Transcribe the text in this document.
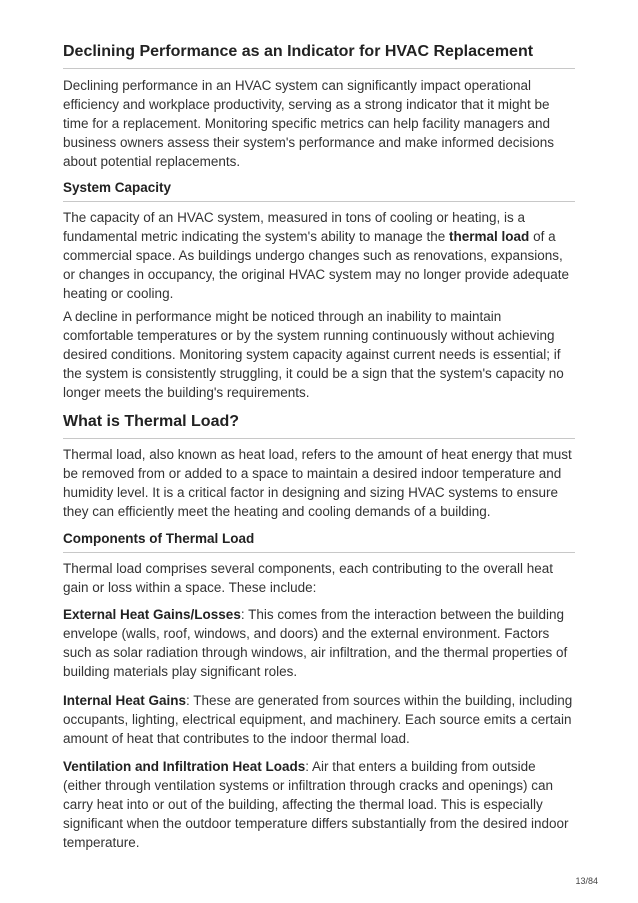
Declining Performance as an Indicator for HVAC Replacement

Declining performance in an HVAC system can significantly impact operational efficiency and workplace productivity, serving as a strong indicator that it might be time for a replacement. Monitoring specific metrics can help facility managers and business owners assess their system's performance and make informed decisions about potential replacements.

System Capacity

The capacity of an HVAC system, measured in tons of cooling or heating, is a fundamental metric indicating the system's ability to manage the thermal load of a commercial space. As buildings undergo changes such as renovations, expansions, or changes in occupancy, the original HVAC system may no longer provide adequate heating or cooling.

A decline in performance might be noticed through an inability to maintain comfortable temperatures or by the system running continuously without achieving desired conditions. Monitoring system capacity against current needs is essential; if the system is consistently struggling, it could be a sign that the system's capacity no longer meets the building's requirements.

What is Thermal Load?

Thermal load, also known as heat load, refers to the amount of heat energy that must be removed from or added to a space to maintain a desired indoor temperature and humidity level. It is a critical factor in designing and sizing HVAC systems to ensure they can efficiently meet the heating and cooling demands of a building.

Components of Thermal Load

Thermal load comprises several components, each contributing to the overall heat gain or loss within a space. These include:

External Heat Gains/Losses: This comes from the interaction between the building envelope (walls, roof, windows, and doors) and the external environment. Factors such as solar radiation through windows, air infiltration, and the thermal properties of building materials play significant roles.

Internal Heat Gains: These are generated from sources within the building, including occupants, lighting, electrical equipment, and machinery. Each source emits a certain amount of heat that contributes to the indoor thermal load.

Ventilation and Infiltration Heat Loads: Air that enters a building from outside (either through ventilation systems or infiltration through cracks and openings) can carry heat into or out of the building, affecting the thermal load. This is especially significant when the outdoor temperature differs substantially from the desired indoor temperature.

13/84
